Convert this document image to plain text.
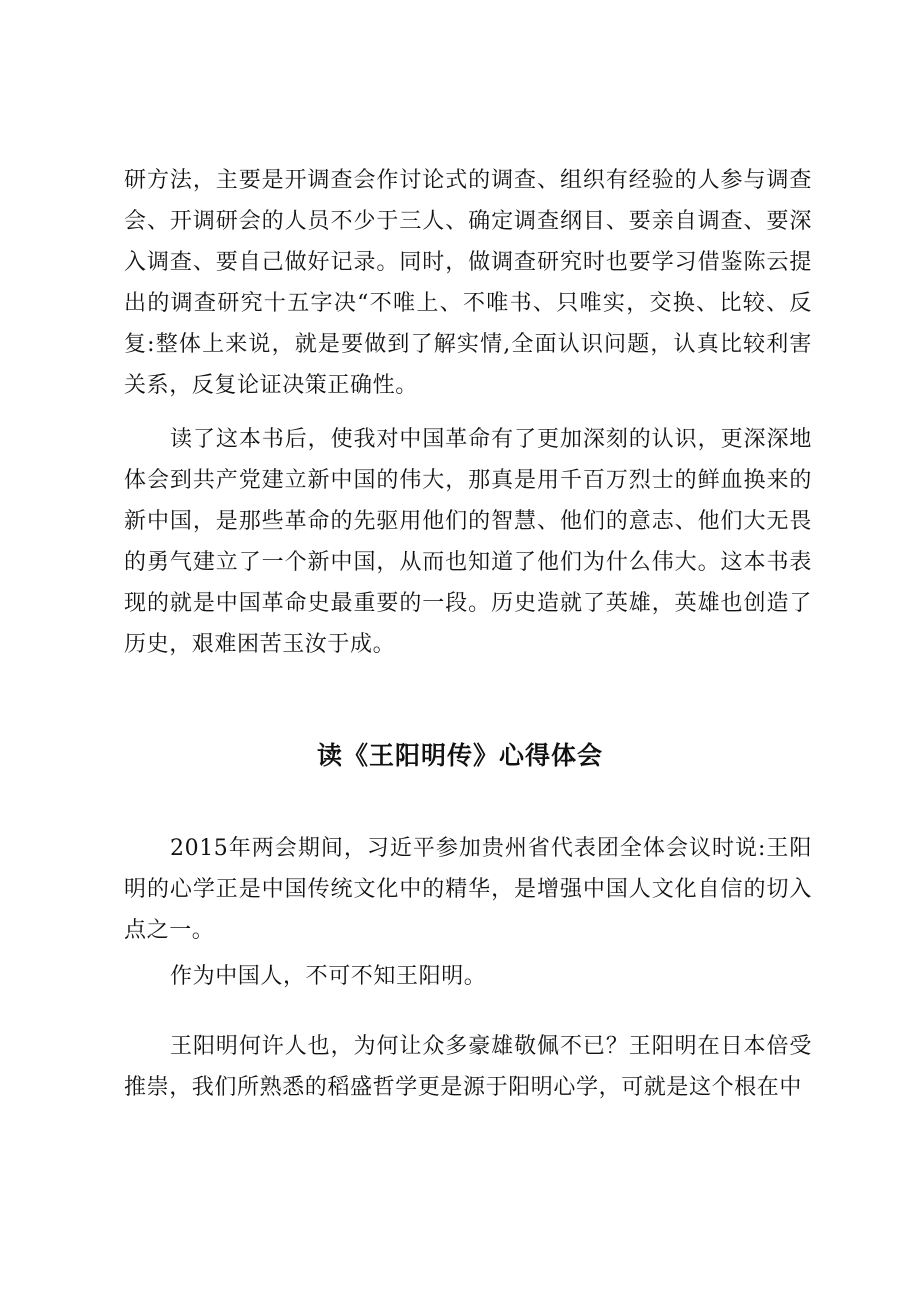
研方法，主要是开调查会作讨论式的调查、组织有经验的人参与调查会、开调研会的人员不少于三人、确定调查纲目、要亲自调查、要深入调查、要自己做好记录。同时，做调查研究时也要学习借鉴陈云提出的调查研究十五字决“不唯上、不唯书、只唯实，交换、比较、反复:整体上来说，就是要做到了解实情,全面认识问题，认真比较利害关系，反复论证决策正确性。

读了这本书后，使我对中国革命有了更加深刻的认识，更深深地体会到共产党建立新中国的伟大，那真是用千百万烈士的鲜血换来的新中国，是那些革命的先驱用他们的智慧、他们的意志、他们大无畏的勇气建立了一个新中国，从而也知道了他们为什么伟大。这本书表现的就是中国革命史最重要的一段。历史造就了英雄，英雄也创造了历史，艰难困苦玉汝于成。

读《王阳明传》心得体会

2015年两会期间，习近平参加贵州省代表团全体会议时说:王阳明的心学正是中国传统文化中的精华，是增强中国人文化自信的切入点之一。

作为中国人，不可不知王阳明。

王阳明何许人也，为何让众多豪雄敬佩不已？王阳明在日本倍受推崇，我们所熟悉的稻盛哲学更是源于阳明心学，可就是这个根在中
